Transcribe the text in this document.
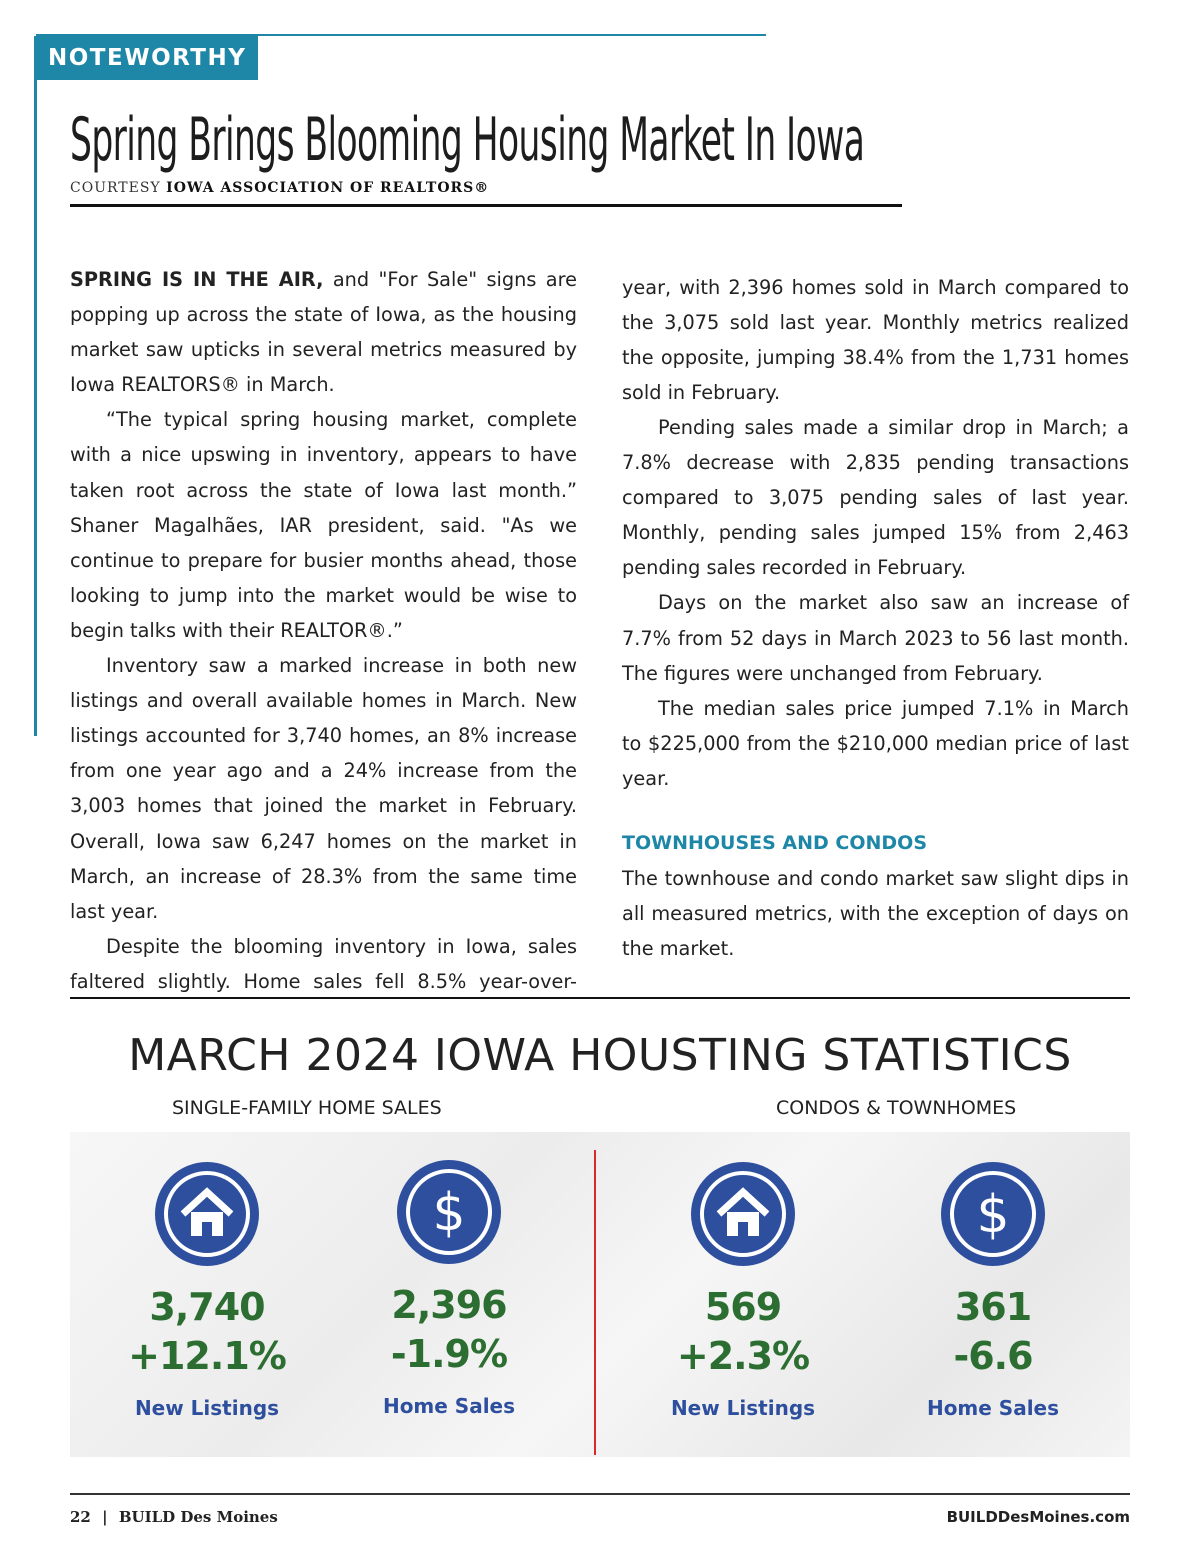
NOTEWORTHY
Spring Brings Blooming Housing Market In Iowa
COURTESY IOWA ASSOCIATION OF REALTORS®

SPRING IS IN THE AIR, and "For Sale" signs are popping up across the state of Iowa, as the housing market saw upticks in several metrics measured by Iowa REALTORS® in March.

“The typical spring housing market, complete with a nice upswing in inventory, appears to have taken root across the state of Iowa last month.” Shaner Magalhães, IAR president, said. "As we continue to prepare for busier months ahead, those looking to jump into the market would be wise to begin talks with their REALTOR®.”

Inventory saw a marked increase in both new listings and overall available homes in March. New listings accounted for 3,740 homes, an 8% increase from one year ago and a 24% increase from the 3,003 homes that joined the market in February. Overall, Iowa saw 6,247 homes on the market in March, an increase of 28.3% from the same time last year.

Despite the blooming inventory in Iowa, sales faltered slightly. Home sales fell 8.5% year-over-

year, with 2,396 homes sold in March compared to the 3,075 sold last year. Monthly metrics realized the opposite, jumping 38.4% from the 1,731 homes sold in February.

Pending sales made a similar drop in March; a 7.8% decrease with 2,835 pending transactions compared to 3,075 pending sales of last year. Monthly, pending sales jumped 15% from 2,463 pending sales recorded in February.

Days on the market also saw an increase of 7.7% from 52 days in March 2023 to 56 last month. The figures were unchanged from February.

The median sales price jumped 7.1% in March to $225,000 from the $210,000 median price of last year.

TOWNHOUSES AND CONDOS

The townhouse and condo market saw slight dips in all measured metrics, with the exception of days on the market.

MARCH 2024 IOWA HOUSTING STATISTICS
SINGLE-FAMILY HOME SALES	CONDOS & TOWNHOMES
3,740
+12.1%
New Listings
$
2,396
-1.9%
Home Sales
569
+2.3%
New Listings
$
361
-6.6
Home Sales
22 | BUILD Des Moines	BUILDDesMoines.com
